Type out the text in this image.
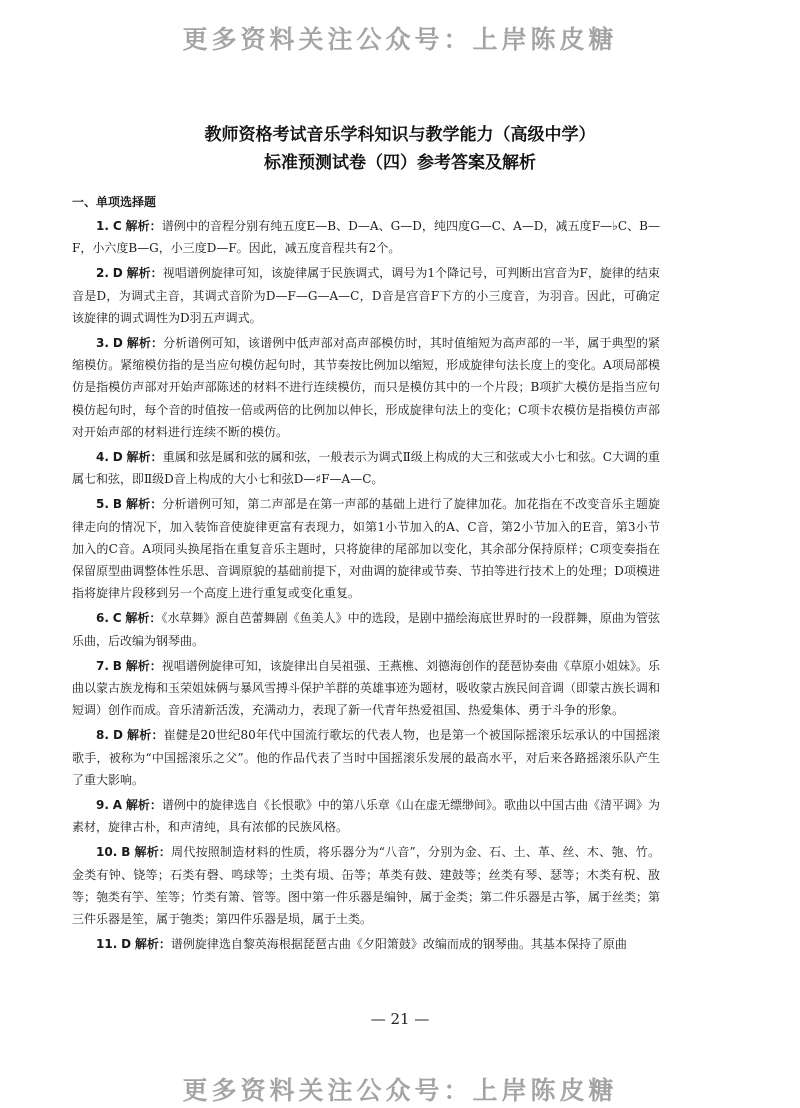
更多资料关注公众号：上岸陈皮糖
教师资格考试音乐学科知识与教学能力（高级中学）
标准预测试卷（四）参考答案及解析
一、单项选择题

1. C 解析：谱例中的音程分别有纯五度E—B、D—A、G—D，纯四度G—C、A—D，减五度F—♭C、B—F，小六度B—G，小三度D—F。因此，减五度音程共有2个。

2. D 解析：视唱谱例旋律可知，该旋律属于民族调式，调号为1个降记号，可判断出宫音为F，旋律的结束音是D，为调式主音，其调式音阶为D—F—G—A—C，D音是宫音F下方的小三度音，为羽音。因此，可确定该旋律的调式调性为D羽五声调式。

3. D 解析：分析谱例可知，该谱例中低声部对高声部模仿时，其时值缩短为高声部的一半，属于典型的紧缩模仿。紧缩模仿指的是当应句模仿起句时，其节奏按比例加以缩短，形成旋律句法长度上的变化。A项局部模仿是指模仿声部对开始声部陈述的材料不进行连续模仿，而只是模仿其中的一个片段；B项扩大模仿是指当应句模仿起句时，每个音的时值按一倍或两倍的比例加以伸长，形成旋律句法上的变化；C项卡农模仿是指模仿声部对开始声部的材料进行连续不断的模仿。

4. D 解析：重属和弦是属和弦的属和弦，一般表示为调式Ⅱ级上构成的大三和弦或大小七和弦。C大调的重属七和弦，即Ⅱ级D音上构成的大小七和弦D—♯F—A—C。

5. B 解析：分析谱例可知，第二声部是在第一声部的基础上进行了旋律加花。加花指在不改变音乐主题旋律走向的情况下，加入装饰音使旋律更富有表现力，如第1小节加入的A、C音，第2小节加入的E音，第3小节加入的C音。A项同头换尾指在重复音乐主题时，只将旋律的尾部加以变化，其余部分保持原样；C项变奏指在保留原型曲调整体性乐思、音调原貌的基础前提下，对曲调的旋律或节奏、节拍等进行技术上的处理；D项模进指将旋律片段移到另一个高度上进行重复或变化重复。

6. C 解析：《水草舞》源自芭蕾舞剧《鱼美人》中的选段，是剧中描绘海底世界时的一段群舞，原曲为管弦乐曲，后改编为钢琴曲。

7. B 解析：视唱谱例旋律可知，该旋律出自吴祖强、王燕樵、刘德海创作的琵琶协奏曲《草原小姐妹》。乐曲以蒙古族龙梅和玉荣姐妹俩与暴风雪搏斗保护羊群的英雄事迹为题材，吸收蒙古族民间音调（即蒙古族长调和短调）创作而成。音乐清新活泼，充满动力，表现了新一代青年热爱祖国、热爱集体、勇于斗争的形象。

8. D 解析：崔健是20世纪80年代中国流行歌坛的代表人物，也是第一个被国际摇滚乐坛承认的中国摇滚歌手，被称为“中国摇滚乐之父”。他的作品代表了当时中国摇滚乐发展的最高水平，对后来各路摇滚乐队产生了重大影响。

9. A 解析：谱例中的旋律选自《长恨歌》中的第八乐章《山在虚无缥缈间》。歌曲以中国古曲《清平调》为素材，旋律古朴，和声清纯，具有浓郁的民族风格。

10. B 解析：周代按照制造材料的性质，将乐器分为“八音”，分别为金、石、土、革、丝、木、匏、竹。金类有钟、铙等；石类有磬、鸣球等；土类有埙、缶等；革类有鼓、建鼓等；丝类有琴、瑟等；木类有柷、敔等；匏类有竽、笙等；竹类有箫、管等。图中第一件乐器是编钟，属于金类；第二件乐器是古筝，属于丝类；第三件乐器是笙，属于匏类；第四件乐器是埙，属于土类。

11. D 解析：谱例旋律选自黎英海根据琵琶古曲《夕阳箫鼓》改编而成的钢琴曲。其基本保持了原曲

— 21 —
更多资料关注公众号：上岸陈皮糖
